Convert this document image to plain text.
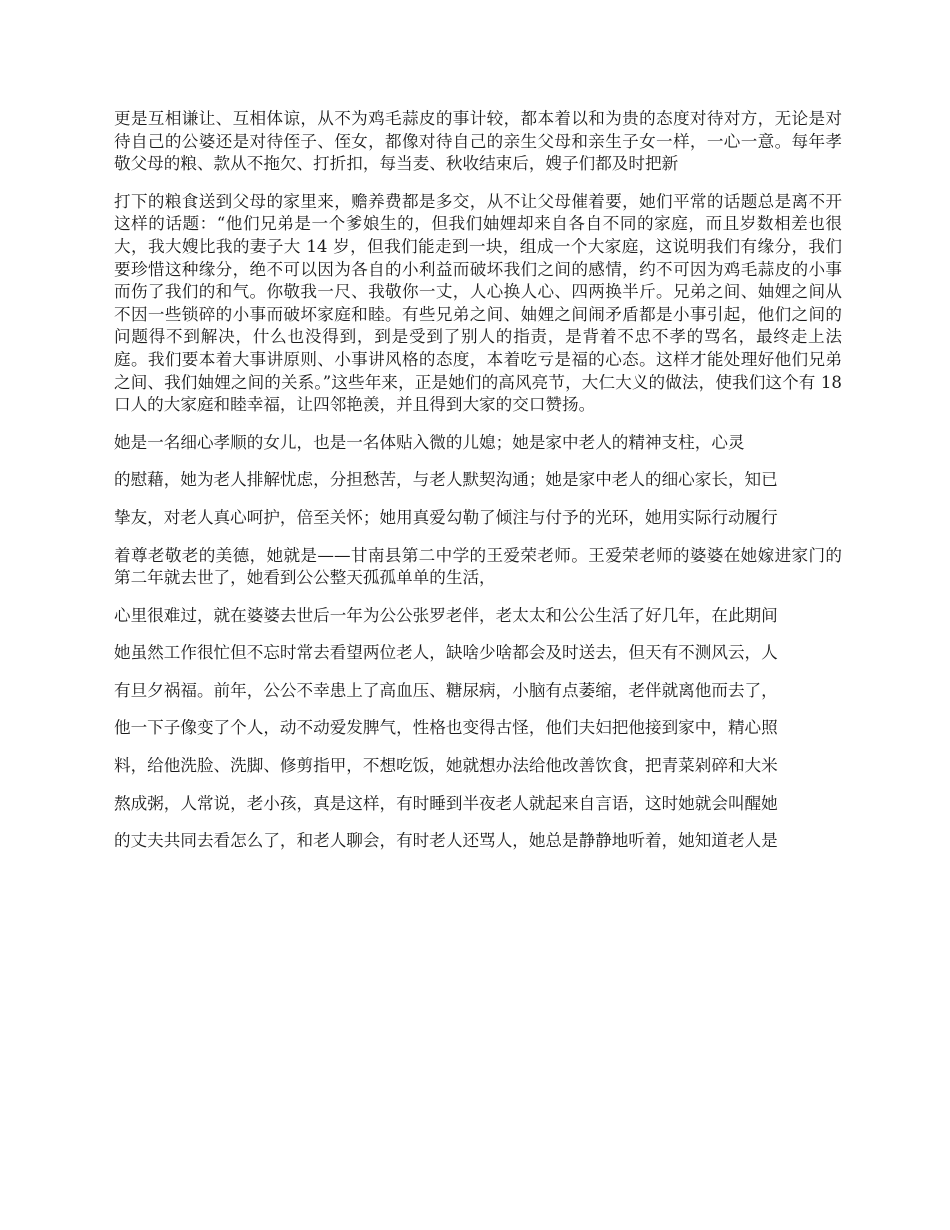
更是互相谦让、互相体谅，从不为鸡毛蒜皮的事计较，都本着以和为贵的态度对待对方，无论是对待自己的公婆还是对待侄子、侄女，都像对待自己的亲生父母和亲生子女一样，一心一意。每年孝敬父母的粮、款从不拖欠、打折扣，每当麦、秋收结束后，嫂子们都及时把新

打下的粮食送到父母的家里来，赡养费都是多交，从不让父母催着要，她们平常的话题总是离不开这样的话题：“他们兄弟是一个爹娘生的，但我们妯娌却来自各自不同的家庭，而且岁数相差也很大，我大嫂比我的妻子大 14 岁，但我们能走到一块，组成一个大家庭，这说明我们有缘分，我们要珍惜这种缘分，绝不可以因为各自的小利益而破坏我们之间的感情，约不可因为鸡毛蒜皮的小事而伤了我们的和气。你敬我一尺、我敬你一丈，人心换人心、四两换半斤。兄弟之间、妯娌之间从不因一些锁碎的小事而破坏家庭和睦。有些兄弟之间、妯娌之间闹矛盾都是小事引起，他们之间的问题得不到解决，什么也没得到，到是受到了别人的指责，是背着不忠不孝的骂名，最终走上法庭。我们要本着大事讲原则、小事讲风格的态度，本着吃亏是福的心态。这样才能处理好他们兄弟之间、我们妯娌之间的关系。”这些年来，正是她们的高风亮节，大仁大义的做法，使我们这个有 18 口人的大家庭和睦幸福，让四邻艳羡，并且得到大家的交口赞扬。

她是一名细心孝顺的女儿，也是一名体贴入微的儿媳；她是家中老人的精神支柱，心灵

的慰藉，她为老人排解忧虑，分担愁苦，与老人默契沟通；她是家中老人的细心家长，知已

挚友，对老人真心呵护，倍至关怀；她用真爱勾勒了倾注与付予的光环，她用实际行动履行

着尊老敬老的美德，她就是——甘南县第二中学的王爱荣老师。王爱荣老师的婆婆在她嫁进家门的第二年就去世了，她看到公公整天孤孤单单的生活，

心里很难过，就在婆婆去世后一年为公公张罗老伴，老太太和公公生活了好几年，在此期间

她虽然工作很忙但不忘时常去看望两位老人，缺啥少啥都会及时送去，但天有不测风云，人

有旦夕祸福。前年，公公不幸患上了高血压、糖尿病，小脑有点萎缩，老伴就离他而去了，

他一下子像变了个人，动不动爱发脾气，性格也变得古怪，他们夫妇把他接到家中，精心照

料，给他洗脸、洗脚、修剪指甲，不想吃饭，她就想办法给他改善饮食，把青菜剁碎和大米

熬成粥，人常说，老小孩，真是这样，有时睡到半夜老人就起来自言语，这时她就会叫醒她

的丈夫共同去看怎么了，和老人聊会，有时老人还骂人，她总是静静地听着，她知道老人是
